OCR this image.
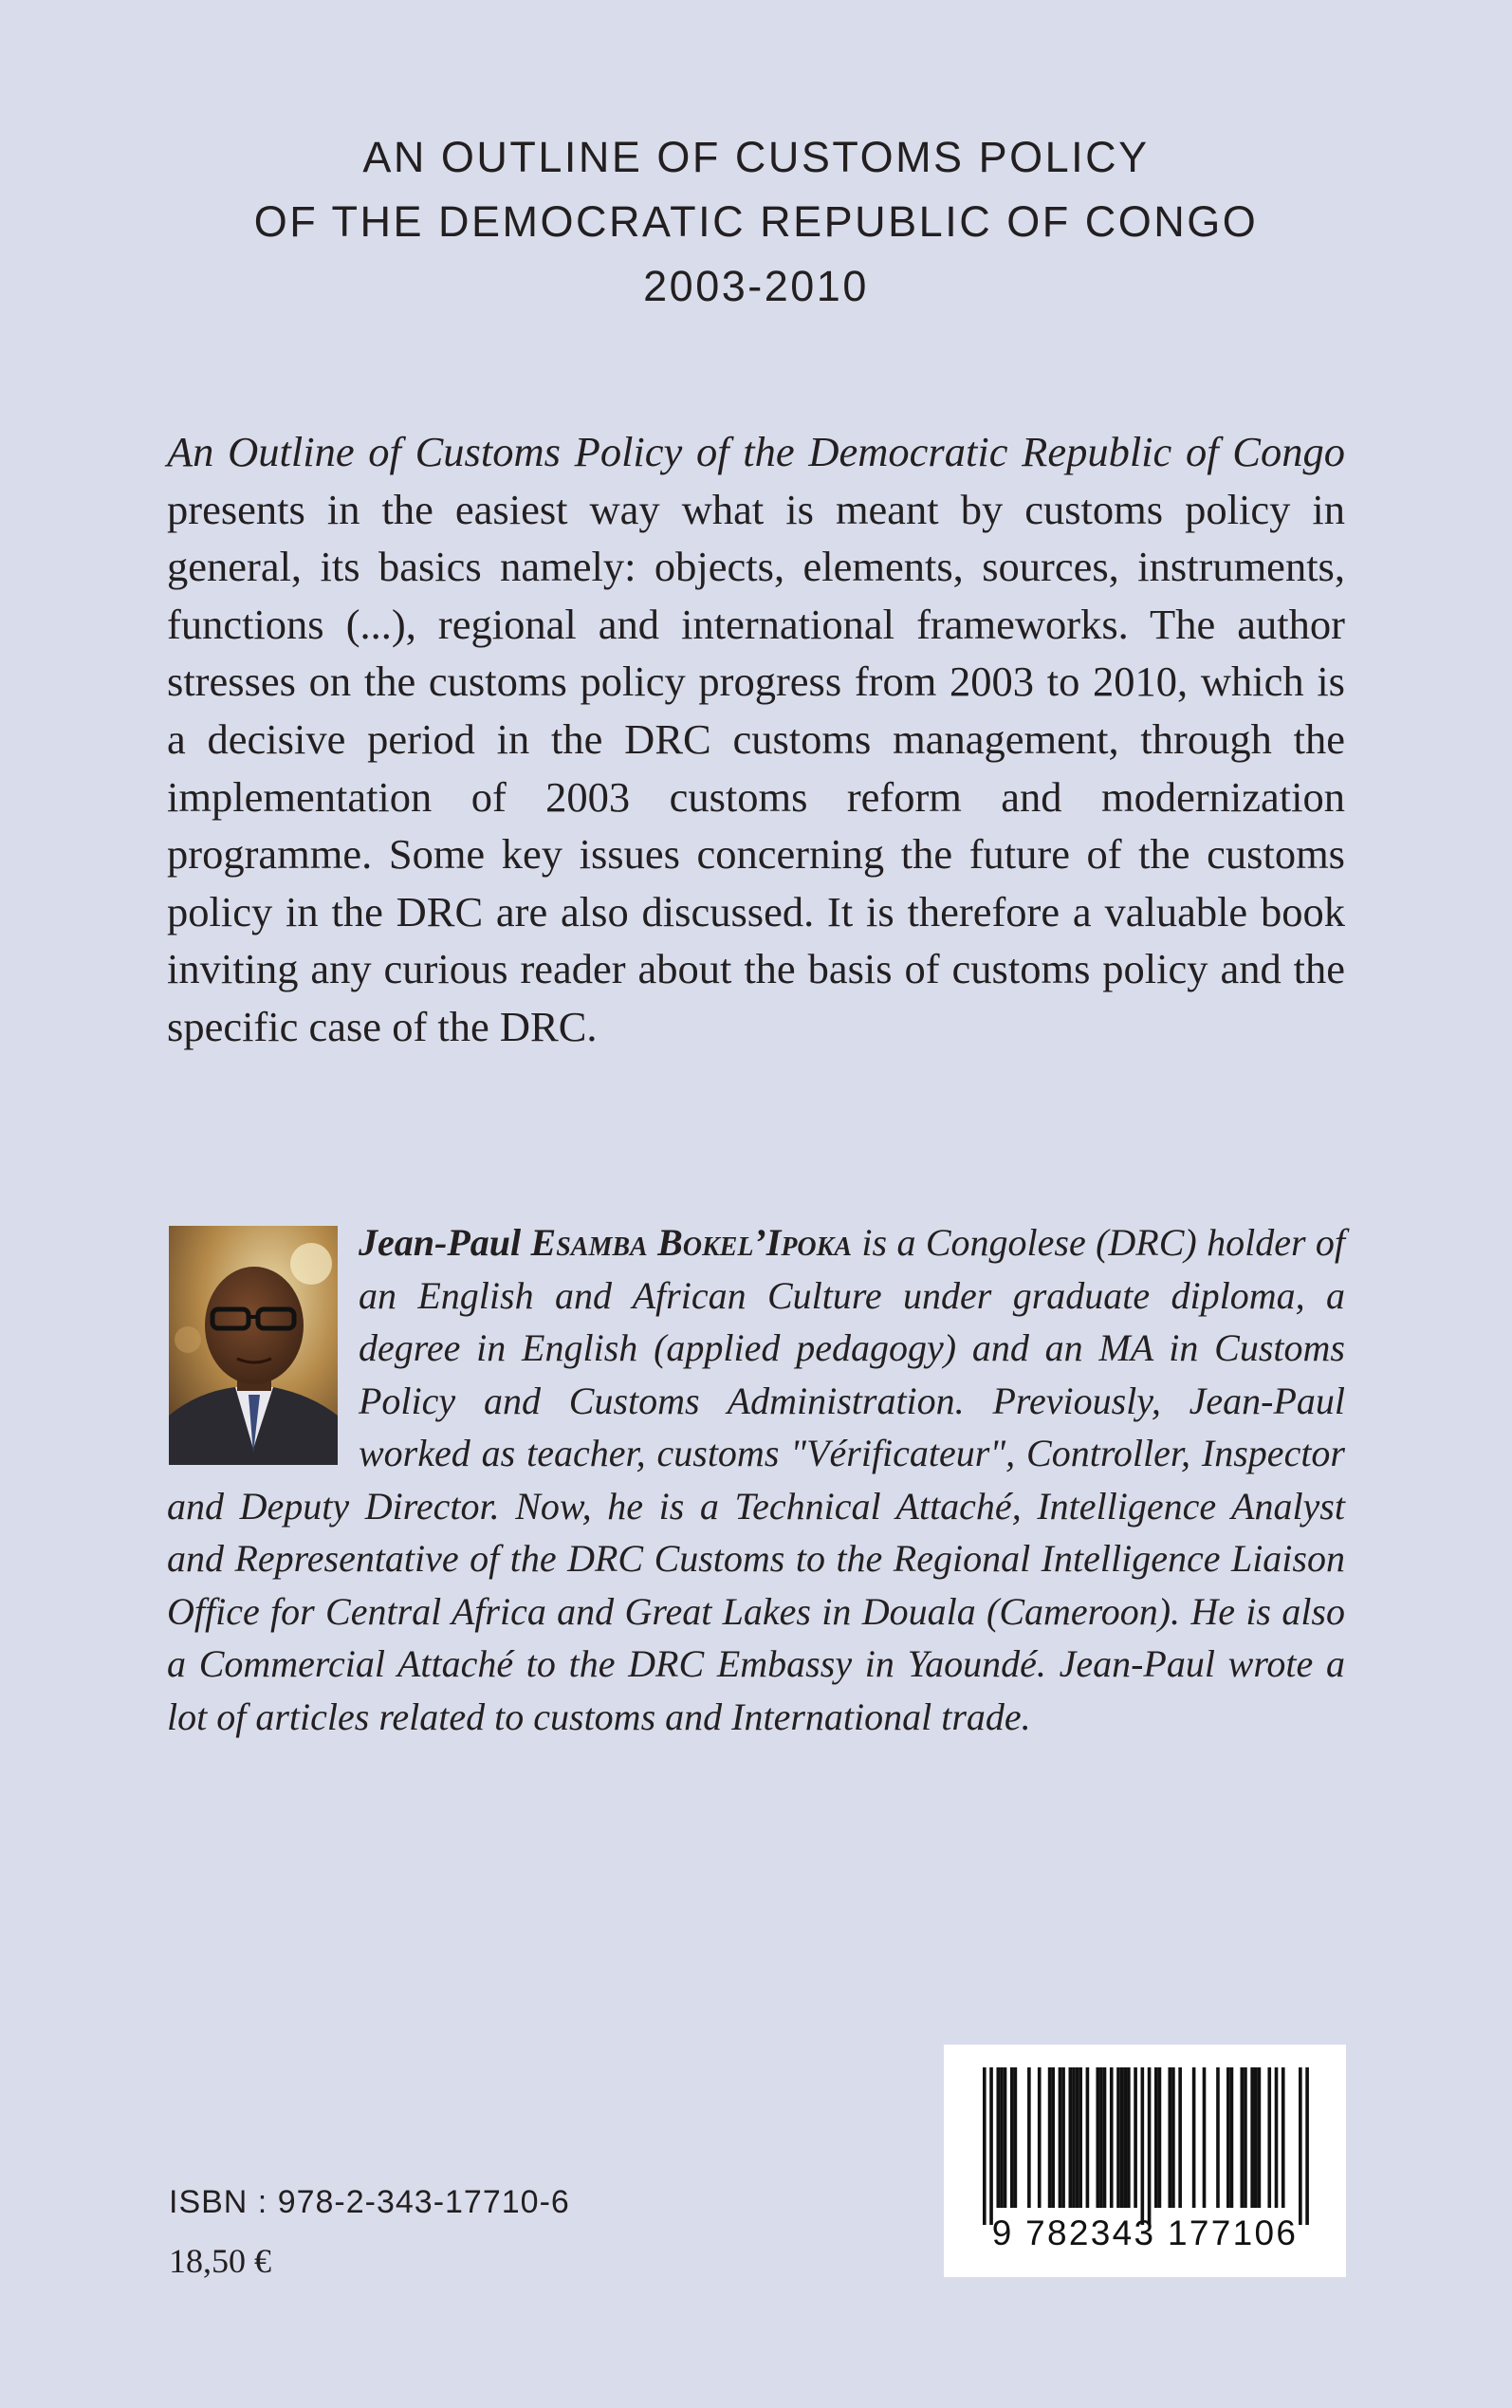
AN OUTLINE OF CUSTOMS POLICY
OF THE DEMOCRATIC REPUBLIC OF CONGO
2003-2010

An Outline of Customs Policy of the Democratic Republic of Congo presents in the easiest way what is meant by customs policy in general, its basics namely: objects, elements, sources, instruments, functions (...), regional and international frameworks. The author stresses on the customs policy progress from 2003 to 2010, which is a decisive period in the DRC customs management, through the implementation of 2003 customs reform and modernization programme. Some key issues concerning the future of the customs policy in the DRC are also discussed. It is therefore a valuable book inviting any curious reader about the basis of customs policy and the specific case of the DRC.

Jean-Paul Esamba Bokel’Ipoka is a Congolese (DRC) holder of an English and African Culture under graduate diploma, a degree in English (applied pedagogy) and an MA in Customs Policy and Customs Administration. Previously, Jean-Paul worked as teacher, customs "Vérificateur", Controller, Inspector and Deputy Director. Now, he is a Technical Attaché, Intelligence Analyst and Representative of the DRC Customs to the Regional Intelligence Liaison Office for Central Africa and Great Lakes in Douala (Cameroon). He is also a Commercial Attaché to the DRC Embassy in Yaoundé. Jean-Paul wrote a lot of articles related to customs and International trade.

ISBN : 978-2-343-17710-6
18,50 €
9 782343 177106
